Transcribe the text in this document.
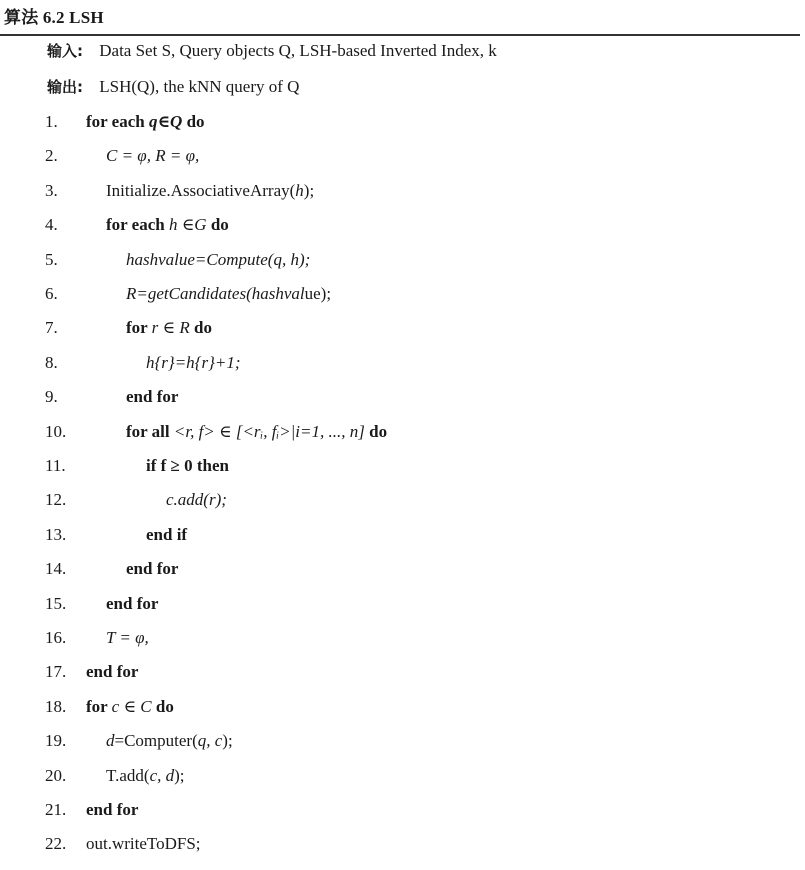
算法 6.2 LSH
输入: Data Set S, Query objects Q, LSH-based Inverted Index, k
输出: LSH(Q), the kNN query of Q
1.	for each q∈Q do
2.	C = φ, R = φ,
3.	Initialize.AssociativeArray(h);
4.	for each h ∈G do
5.	hashvalue=Compute(q, h);
6.	R=getCandidates(hashvalue);
7.	for r ∈ R do
8.	h{r}=h{r}+1;
9.	end for
10.	for all <r, f> ∈ [<rᵢ, fᵢ>|i=1, ..., n] do
11.	if f ≥ 0 then
12.	c.add(r);
13.	end if
14.	end for
15.	end for
16.	T = φ,
17.	end for
18.	for c ∈ C do
19.	d=Computer(q, c);
20.	T.add(c, d);
21.	end for
22.	out.writeToDFS;
